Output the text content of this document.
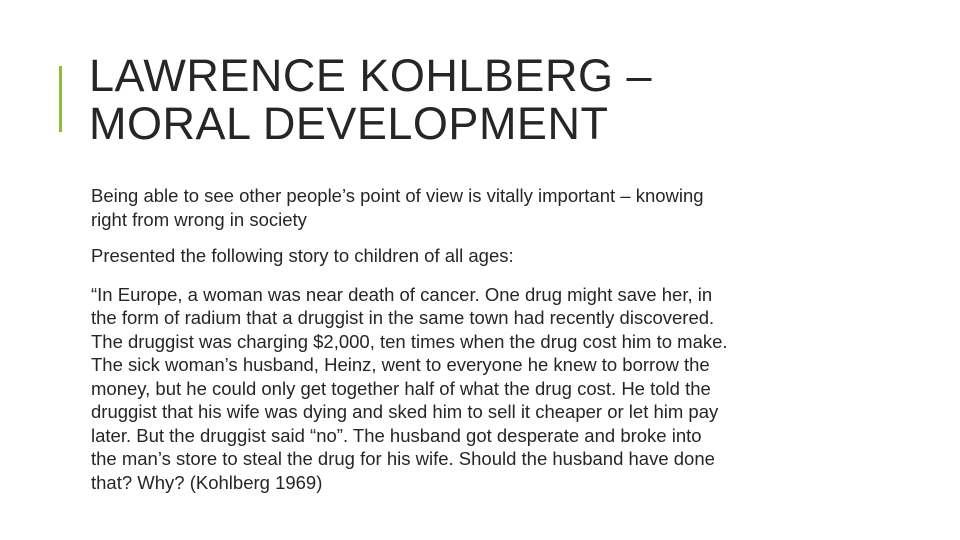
LAWRENCE KOHLBERG –
MORAL DEVELOPMENT

Being able to see other people’s point of view is vitally important – knowing
right from wrong in society

Presented the following story to children of all ages:

“In Europe, a woman was near death of cancer. One drug might save her, in
the form of radium that a druggist in the same town had recently discovered.
The druggist was charging $2,000, ten times when the drug cost him to make.
The sick woman’s husband, Heinz, went to everyone he knew to borrow the
money, but he could only get together half of what the drug cost. He told the
druggist that his wife was dying and sked him to sell it cheaper or let him pay
later. But the druggist said “no”. The husband got desperate and broke into
the man’s store to steal the drug for his wife. Should the husband have done
that? Why? (Kohlberg 1969)
